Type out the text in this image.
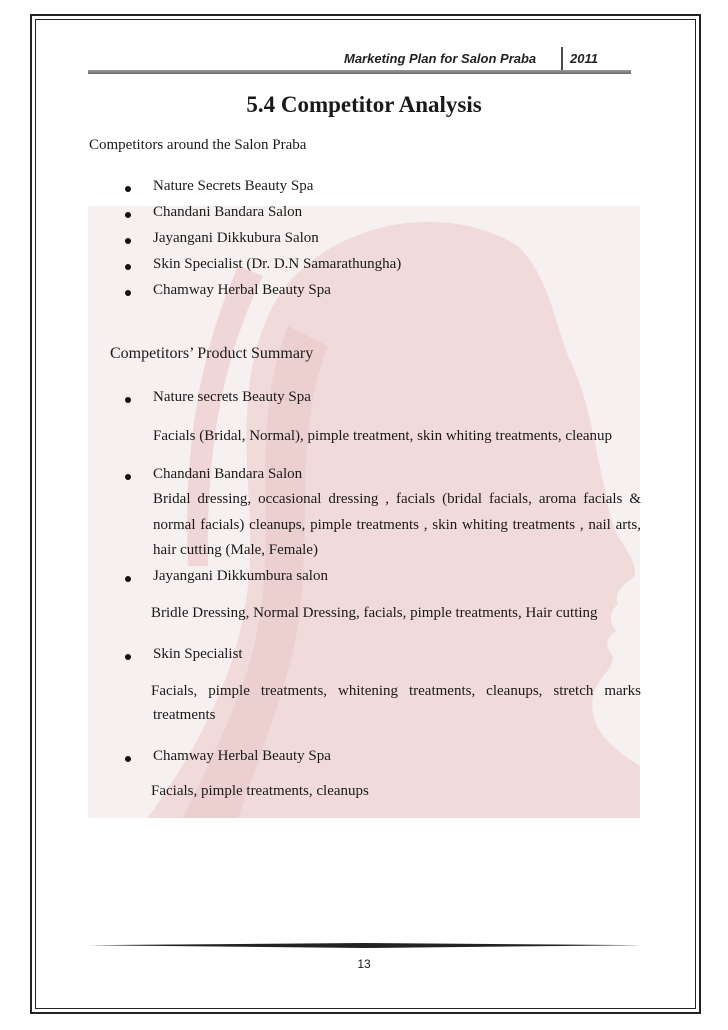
Marketing Plan for Salon Praba	2011
5.4 Competitor Analysis
Competitors around the Salon Praba
Nature Secrets Beauty Spa
Chandani Bandara Salon
Jayangani Dikkubura Salon
Skin Specialist (Dr. D.N Samarathungha)
Chamway Herbal Beauty Spa
Competitors’ Product Summary
Nature secrets Beauty Spa
Facials (Bridal, Normal), pimple treatment, skin whiting treatments, cleanup
Chandani Bandara Salon
Bridal dressing, occasional dressing , facials (bridal facials, aroma facials &
normal facials) cleanups, pimple treatments , skin whiting treatments , nail arts,
hair cutting (Male, Female)
Jayangani Dikkumbura salon
Bridle Dressing, Normal Dressing, facials, pimple treatments, Hair cutting
Skin Specialist
Facials, pimple treatments, whitening treatments, cleanups, stretch marks
treatments
Chamway Herbal Beauty Spa
Facials, pimple treatments, cleanups
13
